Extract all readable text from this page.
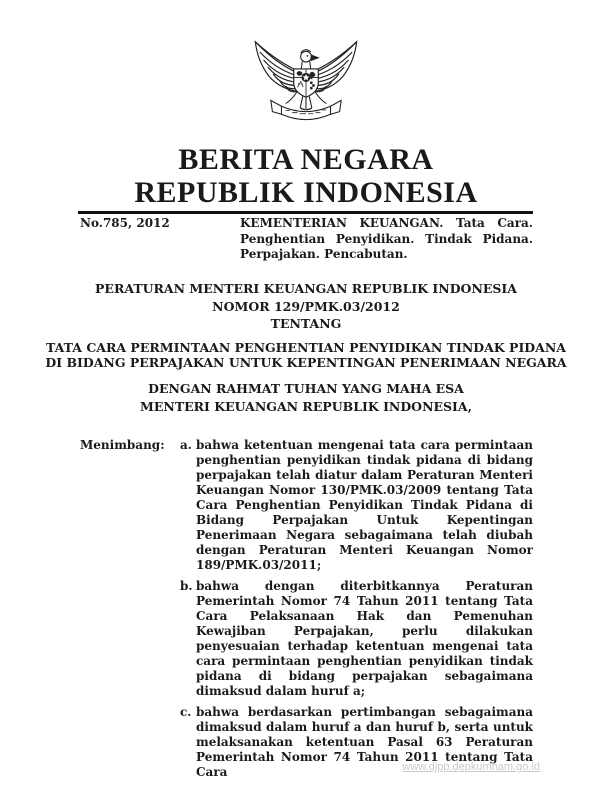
BERITA NEGARA
REPUBLIK INDONESIA
No.785, 2012	KEMENTERIAN KEUANGAN. Tata Cara. Penghentian Penyidikan. Tindak Pidana. Perpajakan. Pencabutan.
PERATURAN MENTERI KEUANGAN REPUBLIK INDONESIA
NOMOR 129/PMK.03/2012
TENTANG
TATA CARA PERMINTAAN PENGHENTIAN PENYIDIKAN TINDAK PIDANA
DI BIDANG PERPAJAKAN UNTUK KEPENTINGAN PENERIMAAN NEGARA
DENGAN RAHMAT TUHAN YANG MAHA ESA
MENTERI KEUANGAN REPUBLIK INDONESIA,
Menimbang : a. bahwa ketentuan mengenai tata cara permintaan penghentian penyidikan tindak pidana di bidang perpajakan telah diatur dalam Peraturan Menteri Keuangan Nomor 130/PMK.03/2009 tentang Tata Cara Penghentian Penyidikan Tindak Pidana di Bidang Perpajakan Untuk Kepentingan Penerimaan Negara sebagaimana telah diubah dengan Peraturan Menteri Keuangan Nomor 189/PMK.03/2011;
b. bahwa dengan diterbitkannya Peraturan Pemerintah Nomor 74 Tahun 2011 tentang Tata Cara Pelaksanaan Hak dan Pemenuhan Kewajiban Perpajakan, perlu dilakukan penyesuaian terhadap ketentuan mengenai tata cara permintaan penghentian penyidikan tindak pidana di bidang perpajakan sebagaimana dimaksud dalam huruf a;
c. bahwa berdasarkan pertimbangan sebagaimana dimaksud dalam huruf a dan huruf b, serta untuk melaksanakan ketentuan Pasal 63 Peraturan Pemerintah Nomor 74 Tahun 2011 tentang Tata Cara	www.djpp.depkumham.go.id
